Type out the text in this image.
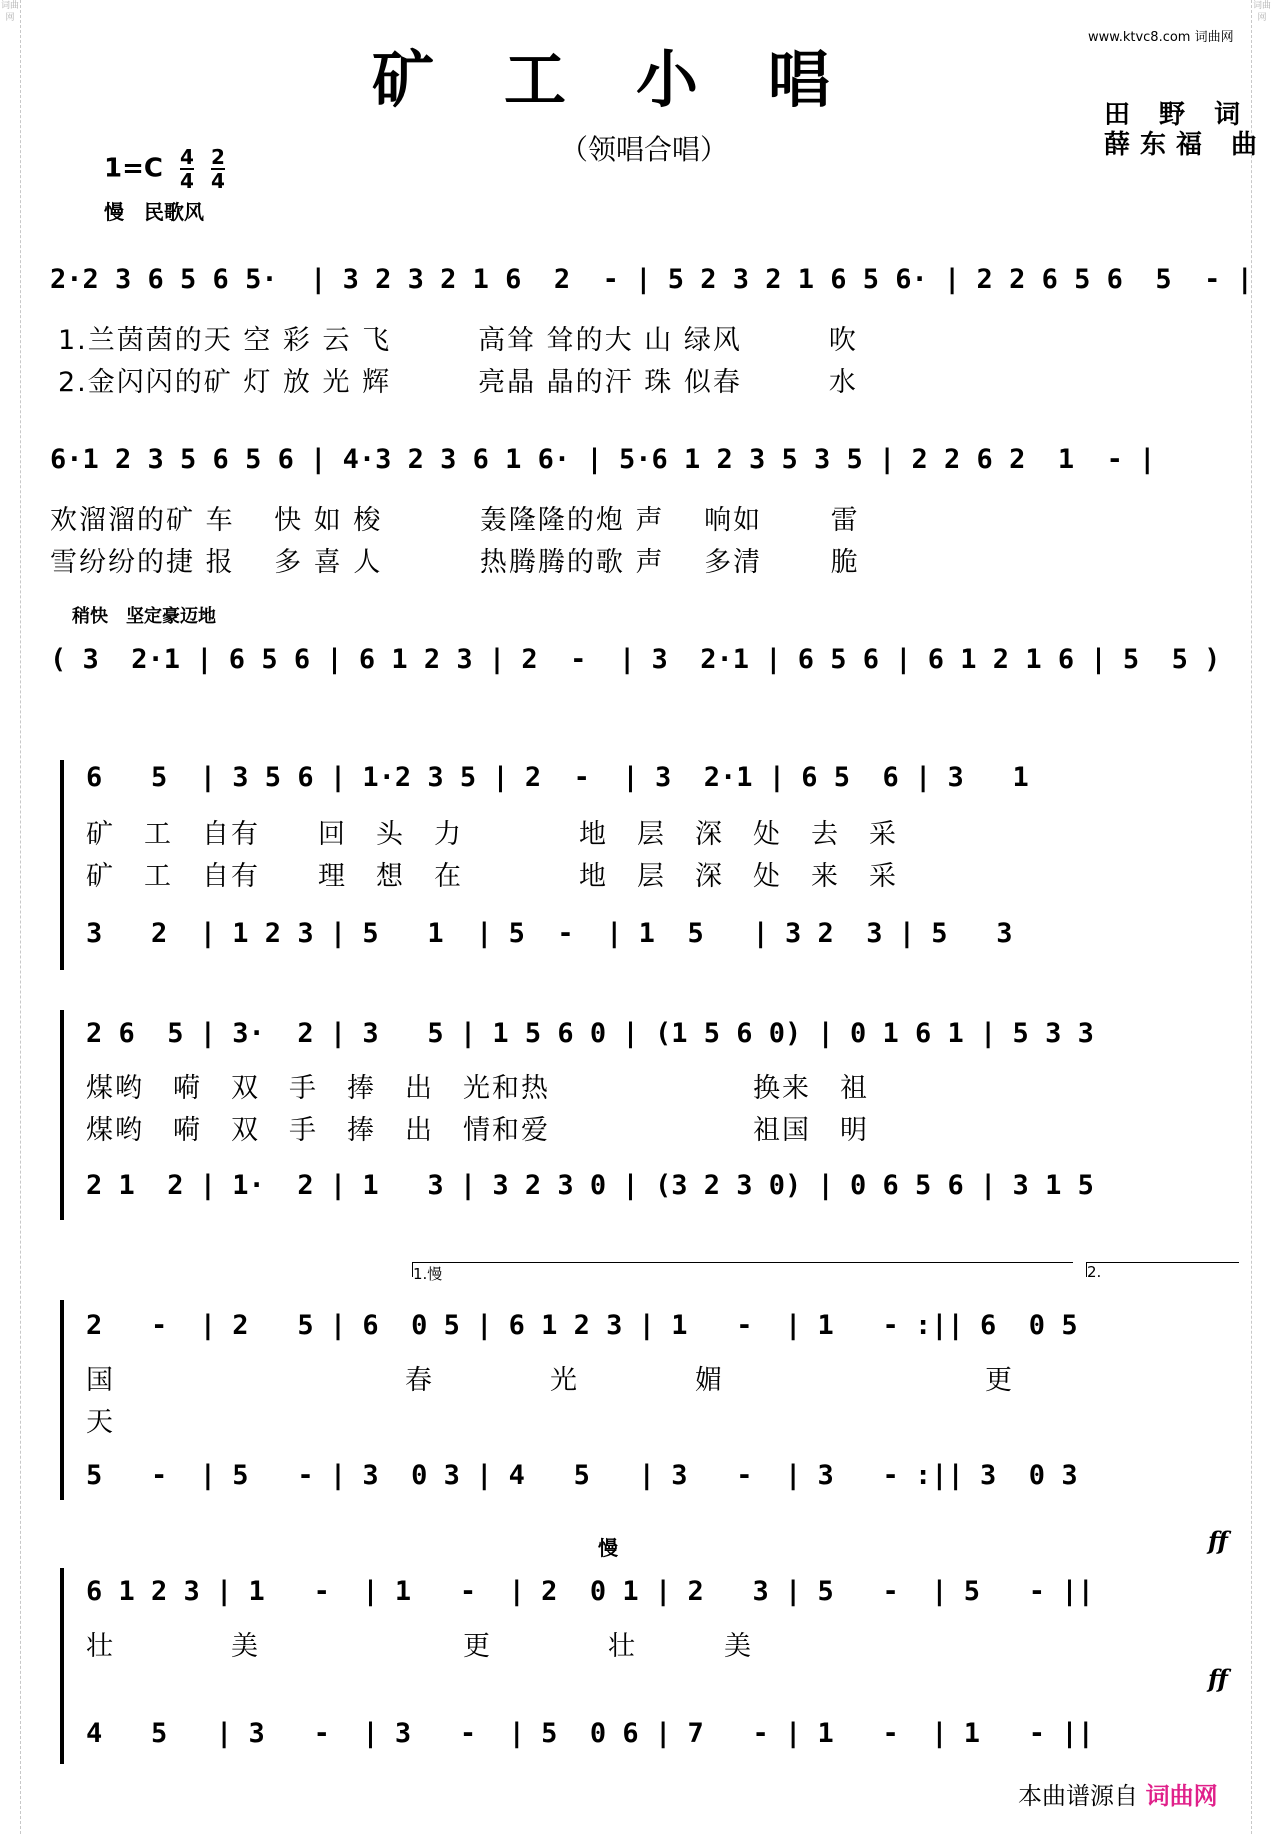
词曲网
词曲网
矿工小唱
www.ktvc8.com 词曲网
（领唱合唱）
田 野 词
薛东福 曲
$1=C \frac{4}{4}$
$\frac{2}{4}$
慢　民歌风
2·2 3 6 5 6 5·  | 3 2 3 2 1 6  2  - | 5 2 3 2 1 6 5 6· | 2 2 6 5 6  5  - |
1.兰茵茵的天 空 彩 云 飞　　　高耸 耸的大 山 绿风　　　吹
2.金闪闪的矿 灯 放 光 辉　　　亮晶 晶的汗 珠 似春　　　水
6·1 2 3 5 6 5 6 | 4·3 2 3 6 1 6· | 5·6 1 2 3 5 3 5 | 2 2 6 2  1  - |
欢溜溜的矿 车　 快 如 梭　　　 轰隆隆的炮 声　 响如　　 雷
雪纷纷的捷 报　 多 喜 人　　　 热腾腾的歌 声　 多清　　 脆
稍快　坚定豪迈地
( 3  2·1 | 6 5 6 | 6 1 2 3 | 2  -  | 3  2·1 | 6 5 6 | 6 1 2 1 6 | 5  5 )
6   5  | 3 5 6 | 1·2 3 5 | 2  -  | 3  2·1 | 6 5  6 | 3   1
矿　工　自有　　回　头　力　　　　地　层　深　处　去　采
矿　工　自有　　理　想　在　　　　地　层　深　处　来　采
3   2  | 1 2 3 | 5   1  | 5  -  | 1  5   | 3 2  3 | 5   3
2 6  5 | 3·  2 | 3   5 | 1 5 6 0 | (1 5 6 0) | 0 1 6 1 | 5 3 3
煤哟　嗬　双　手　捧　出　光和热　　　　　　　换来　祖
煤哟　嗬　双　手　捧　出　情和爱　　　　　　　祖国　明
2 1  2 | 1·  2 | 1   3 | 3 2 3 0 | (3 2 3 0) | 0 6 5 6 | 3 1 5
1.慢	2.
2   -  | 2   5 | 6  0 5 | 6 1 2 3 | 1   -  | 1   - :|| 6  0 5
国　　　　　　　　　　春　　　　光　　　　媚　　　　　　　　　更
天
5   -  | 5   - | 3  0 3 | 4   5   | 3   -  | 3   - :|| 3  0 3
慢	ff
ff
6 1 2 3 | 1   -  | 1   -  | 2  0 1 | 2   3 | 5   -  | 5   - ||
壮　　　　美　　　　　　　更　　　　壮　　　美
4   5   | 3   -  | 3   -  | 5  0 6 | 7   - | 1   -  | 1   - ||
本曲谱源自 词曲网
